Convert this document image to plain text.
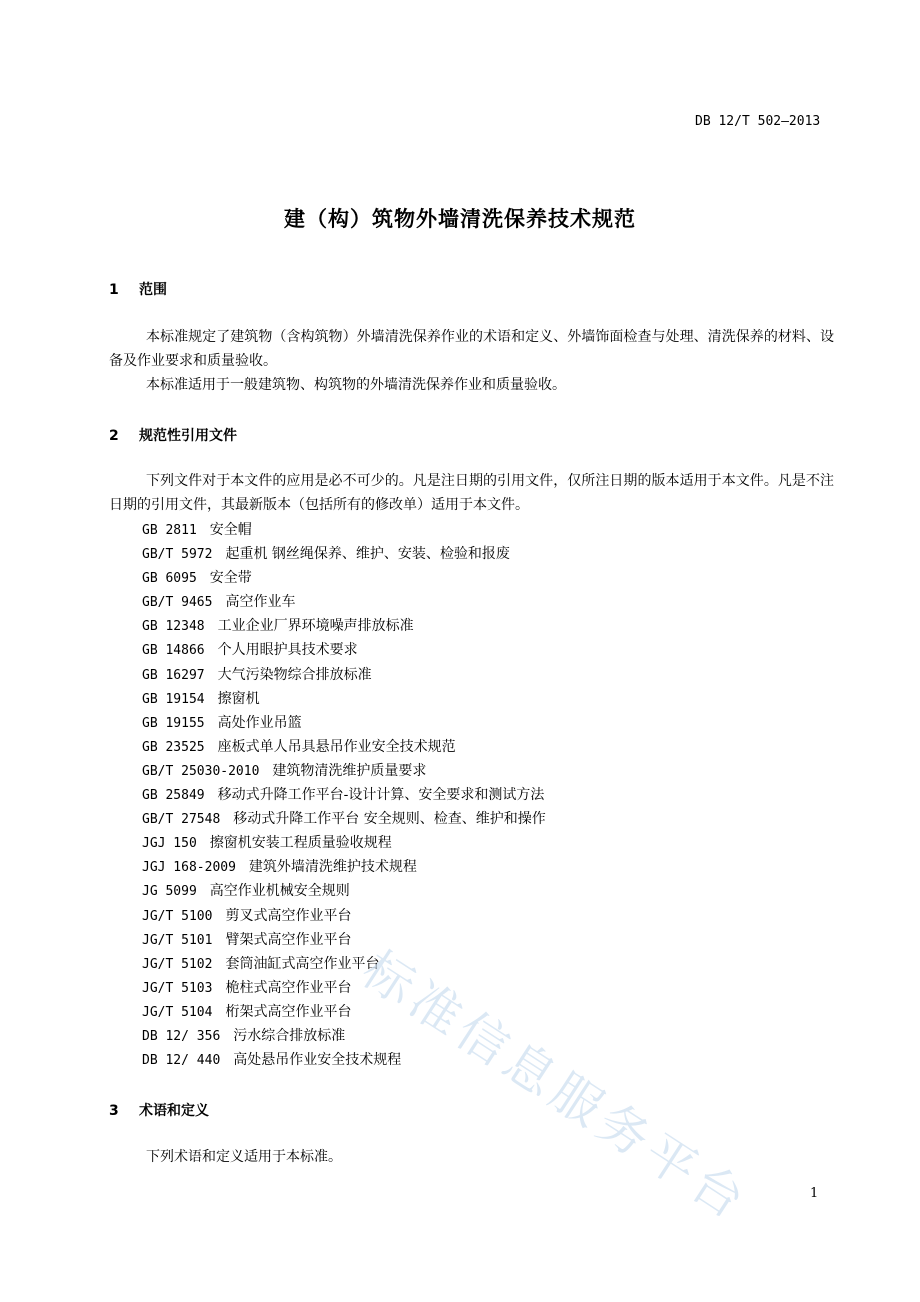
DB 12/T 502—2013
建（构）筑物外墙清洗保养技术规范
1 范围
本标准规定了建筑物（含构筑物）外墙清洗保养作业的术语和定义、外墙饰面检查与处理、清洗保养的材料、设备及作业要求和质量验收。
本标准适用于一般建筑物、构筑物的外墙清洗保养作业和质量验收。
2 规范性引用文件
下列文件对于本文件的应用是必不可少的。凡是注日期的引用文件，仅所注日期的版本适用于本文件。凡是不注日期的引用文件，其最新版本（包括所有的修改单）适用于本文件。
GB 2811 安全帽
GB/T 5972 起重机 钢丝绳保养、维护、安装、检验和报废
GB 6095 安全带
GB/T 9465 高空作业车
GB 12348 工业企业厂界环境噪声排放标准
GB 14866 个人用眼护具技术要求
GB 16297 大气污染物综合排放标准
GB 19154 擦窗机
GB 19155 高处作业吊篮
GB 23525 座板式单人吊具悬吊作业安全技术规范
GB/T 25030-2010 建筑物清洗维护质量要求
GB 25849 移动式升降工作平台-设计计算、安全要求和测试方法
GB/T 27548 移动式升降工作平台 安全规则、检查、维护和操作
JGJ 150 擦窗机安装工程质量验收规程
JGJ 168-2009 建筑外墙清洗维护技术规程
JG 5099 高空作业机械安全规则
JG/T 5100 剪叉式高空作业平台
JG/T 5101 臂架式高空作业平台
JG/T 5102 套筒油缸式高空作业平台
JG/T 5103 桅柱式高空作业平台
JG/T 5104 桁架式高空作业平台
DB 12/ 356 污水综合排放标准
DB 12/ 440 高处悬吊作业安全技术规程
3 术语和定义
下列术语和定义适用于本标准。
1
标准信息服务平台
